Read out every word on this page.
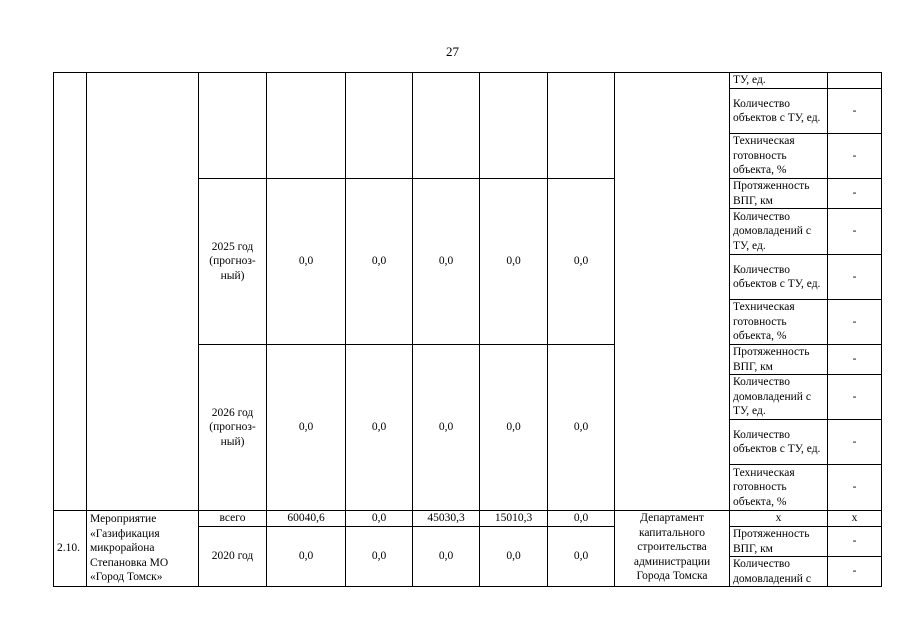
27
									ТУ, ед.	
									Количество объектов с ТУ, ед.	-
									Техническая готовность объекта, %	-
		2025 год (прогноз-ный)	0,0	0,0	0,0	0,0	0,0		Протяженность ВПГ, км	-
									Количество домовладений с ТУ, ед.	-
									Количество объектов с ТУ, ед.	-
									Техническая готовность объекта, %	-
		2026 год (прогноз-ный)	0,0	0,0	0,0	0,0	0,0		Протяженность ВПГ, км	-
									Количество домовладений с ТУ, ед.	-
									Количество объектов с ТУ, ед.	-
									Техническая готовность объекта, %	-
2.10.	Мероприятие «Газификация микрорайона Степановка МО «Город Томск»	всего	60040,6	0,0	45030,3	15010,3	0,0	Департамент капитального строительства администрации Города Томска	x	x
		2020 год	0,0	0,0	0,0	0,0	0,0		Протяженность ВПГ, км	-
									Количество домовладений с	-
